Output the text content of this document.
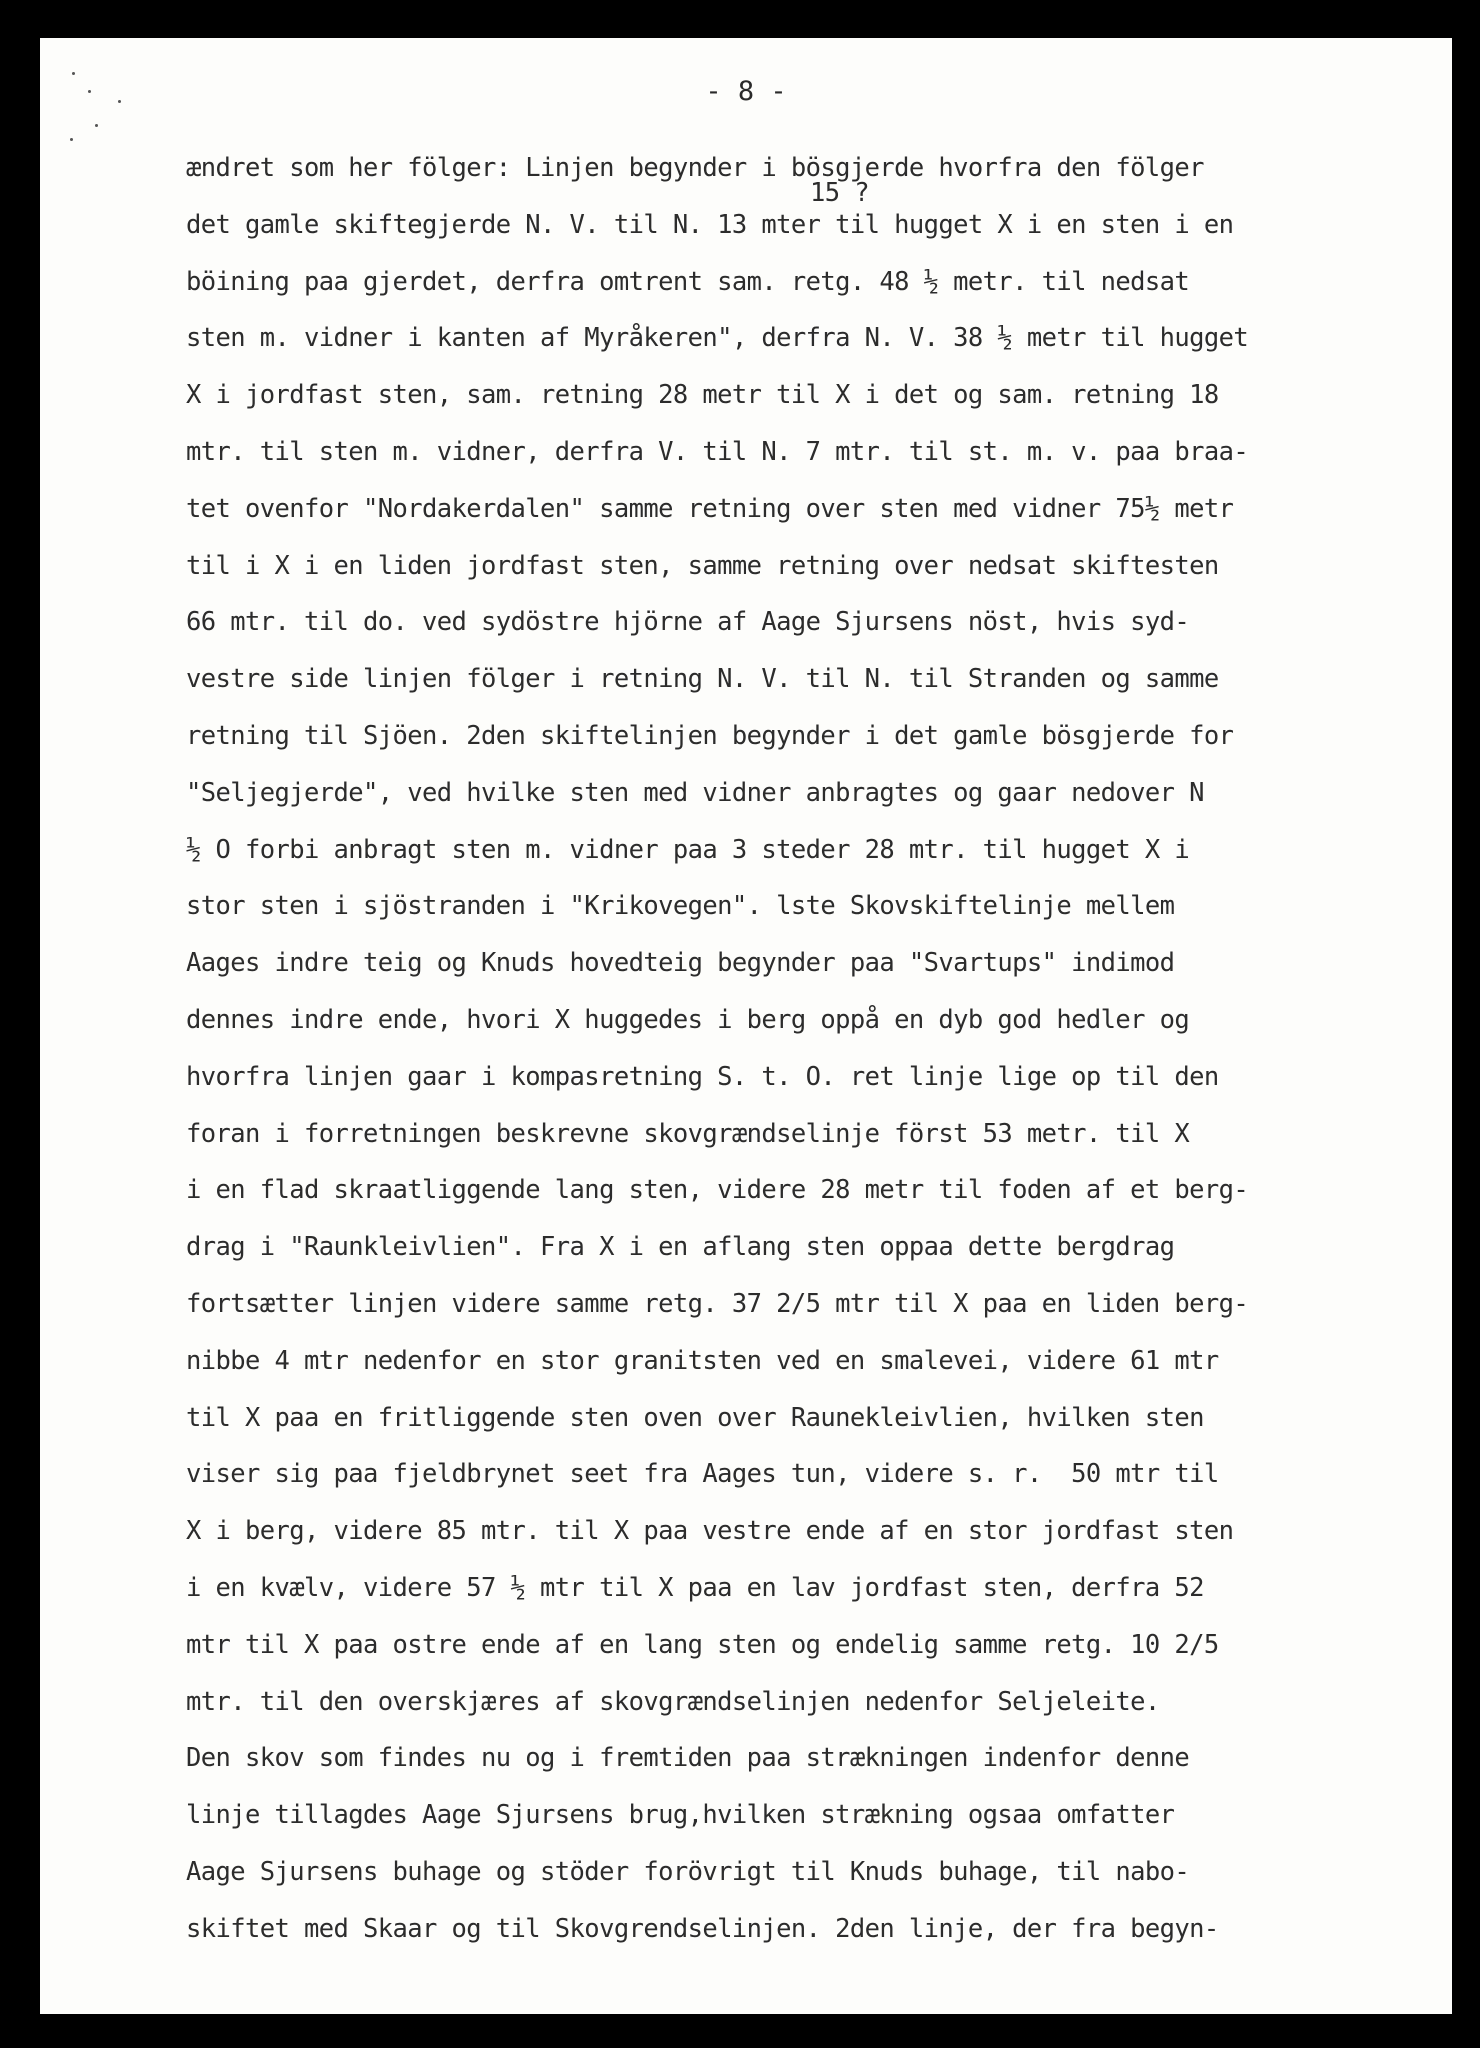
- 8 -
15 ?
ændret som her fölger: Linjen begynder i bösgjerde hvorfra den fölger
det gamle skiftegjerde N. V. til N. 13 mter til hugget X i en sten i en
böining paa gjerdet, derfra omtrent sam. retg. 48 ½ metr. til nedsat
sten m. vidner i kanten af Myråkeren", derfra N. V. 38 ½ metr til hugget
X i jordfast sten, sam. retning 28 metr til X i det og sam. retning 18
mtr. til sten m. vidner, derfra V. til N. 7 mtr. til st. m. v. paa braa-
tet ovenfor "Nordakerdalen" samme retning over sten med vidner 75½ metr
til i X i en liden jordfast sten, samme retning over nedsat skiftesten
66 mtr. til do. ved sydöstre hjörne af Aage Sjursens nöst, hvis syd-
vestre side linjen fölger i retning N. V. til N. til Stranden og samme
retning til Sjöen. 2den skiftelinjen begynder i det gamle bösgjerde for
"Seljegjerde", ved hvilke sten med vidner anbragtes og gaar nedover N
½ O forbi anbragt sten m. vidner paa 3 steder 28 mtr. til hugget X i
stor sten i sjöstranden i "Krikovegen". lste Skovskiftelinje mellem
Aages indre teig og Knuds hovedteig begynder paa "Svartups" indimod
dennes indre ende, hvori X huggedes i berg oppå en dyb god hedler og
hvorfra linjen gaar i kompasretning S. t. O. ret linje lige op til den
foran i forretningen beskrevne skovgrændselinje först 53 metr. til X
i en flad skraatliggende lang sten, videre 28 metr til foden af et berg-
drag i "Raunkleivlien". Fra X i en aflang sten oppaa dette bergdrag
fortsætter linjen videre samme retg. 37 2/5 mtr til X paa en liden berg-
nibbe 4 mtr nedenfor en stor granitsten ved en smalevei, videre 61 mtr
til X paa en fritliggende sten oven over Raunekleivlien, hvilken sten
viser sig paa fjeldbrynet seet fra Aages tun, videre s. r.  50 mtr til
X i berg, videre 85 mtr. til X paa vestre ende af en stor jordfast sten
i en kvælv, videre 57 ½ mtr til X paa en lav jordfast sten, derfra 52
mtr til X paa ostre ende af en lang sten og endelig samme retg. 10 2/5
mtr. til den overskjæres af skovgrændselinjen nedenfor Seljeleite.
Den skov som findes nu og i fremtiden paa strækningen indenfor denne
linje tillagdes Aage Sjursens brug,hvilken strækning ogsaa omfatter
Aage Sjursens buhage og stöder forövrigt til Knuds buhage, til nabo-
skiftet med Skaar og til Skovgrendselinjen. 2den linje, der fra begyn-
